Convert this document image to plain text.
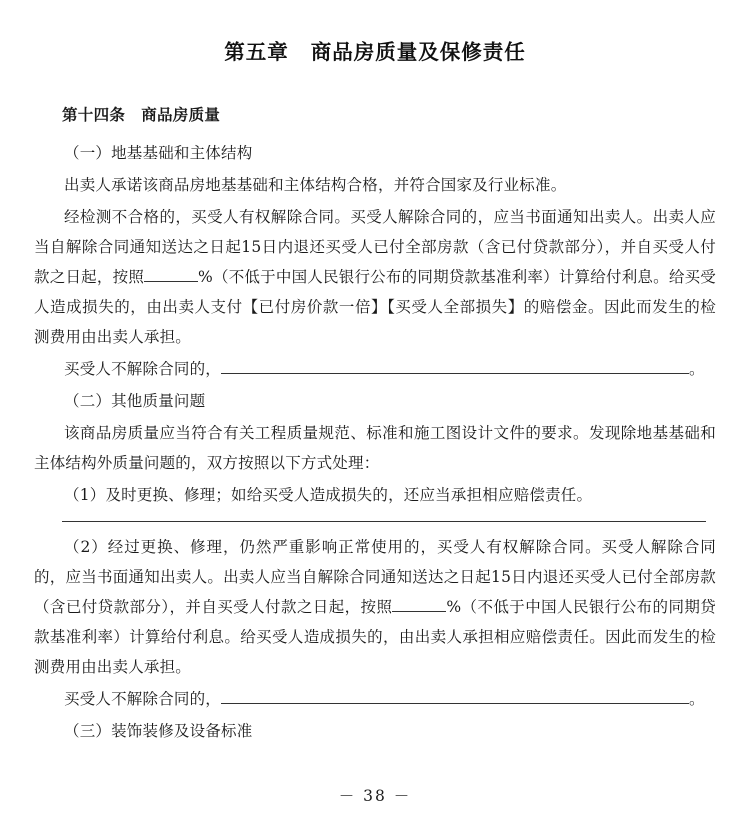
第五章 商品房质量及保修责任
第十四条 商品房质量

（一）地基基础和主体结构

出卖人承诺该商品房地基基础和主体结构合格，并符合国家及行业标准。

经检测不合格的，买受人有权解除合同。买受人解除合同的，应当书面通知出卖人。出卖人应当自解除合同通知送达之日起15日内退还买受人已付全部房款（含已付贷款部分），并自买受人付款之日起，按照	%（不低于中国人民银行公布的同期贷款基准利率）计算给付利息。给买受人造成损失的，由出卖人支付【已付房价款一倍】【买受人全部损失】的赔偿金。因此而发生的检测费用由出卖人承担。

买受人不解除合同的，	。

（二）其他质量问题

该商品房质量应当符合有关工程质量规范、标准和施工图设计文件的要求。发现除地基基础和主体结构外质量问题的，双方按照以下方式处理：

（1）及时更换、修理；如给买受人造成损失的，还应当承担相应赔偿责任。

（2）经过更换、修理，仍然严重影响正常使用的，买受人有权解除合同。买受人解除合同的，应当书面通知出卖人。出卖人应当自解除合同通知送达之日起15日内退还买受人已付全部房款（含已付贷款部分），并自买受人付款之日起，按照	%（不低于中国人民银行公布的同期贷款基准利率）计算给付利息。给买受人造成损失的，由出卖人承担相应赔偿责任。因此而发生的检测费用由出卖人承担。

买受人不解除合同的，	。

（三）装饰装修及设备标准

－ 38 －
